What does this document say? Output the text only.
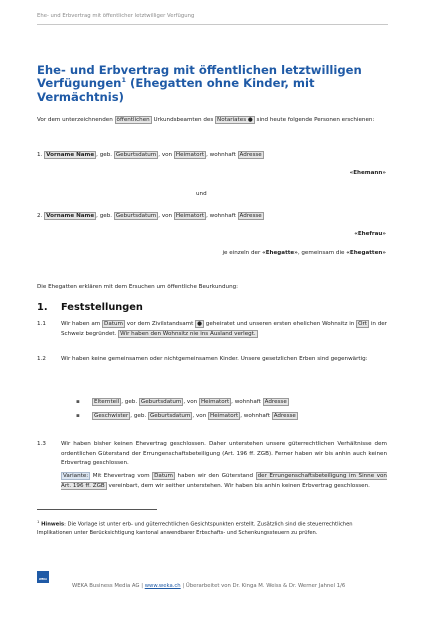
Ehe- und Erbvertrag mit öffentlicher letztwilliger Verfügung
Ehe- und Erbvertrag mit öffentlichen letztwilligen Verfügungen$^1$ (Ehegatten ohne Kinder, mit Vermächtnis)
Vor dem unterzeichnenden öffentlichen Urkundsbeamten des Notariates ● sind heute folgende Personen erschienen:
1. Vorname Name , geb. Geburtsdatum , von Heimatort , wohnhaft Adresse
«Ehemann»
und
2. Vorname Name , geb. Geburtsdatum , von Heimatort , wohnhaft Adresse
«Ehefrau»
je einzeln der «Ehegatte», gemeinsam die «Ehegatten»
Die Ehegatten erklären mit dem Ersuchen um öffentliche Beurkundung:
1. Feststellungen
1.1	Wir haben am Datum vor dem Zivilstandsamt ● geheiratet und unseren ersten ehelichen Wohnsitz in Ort in der Schweiz begründet. Wir haben den Wohnsitz nie ins Ausland verlegt.
1.2	Wir haben keine gemeinsamen oder nichtgemeinsamen Kinder. Unsere gesetzlichen Erben sind gegenwärtig:
▪	Elternteil , geb. Geburtsdatum , von Heimatort , wohnhaft Adresse
▪	Geschwister , geb. Geburtsdatum , von Heimatort , wohnhaft Adresse
1.3	Wir haben bisher keinen Ehevertrag geschlossen. Daher unterstehen unsere güterrechtlichen Verhältnisse dem ordentlichen Güterstand der Errungenschaftsbeteiligung (Art. 196 ff. ZGB). Ferner haben wir bis anhin auch keinen Erbvertrag geschlossen.
Variante: Mit Ehevertrag vom Datum haben wir den Güterstand der Errungenschaftsbeteiligung im Sinne von Art. 196 ff. ZGB vereinbart, dem wir seither unterstehen. Wir haben bis anhin keinen Erbvertrag geschlossen.
$^1$ Hinweis: Die Vorlage ist unter erb- und güterrechtlichen Gesichtspunkten erstellt. Zusätzlich sind die steuerrechtlichen Implikationen unter Berücksichtigung kantonal anwendbarer Erbschafts- und Schenkungssteuern zu prüfen.
WEKA
WEKA Business Media AG | www.weka.ch | Überarbeitet von Dr. Kinga M. Weiss & Dr. Werner Jahnel 1/6
